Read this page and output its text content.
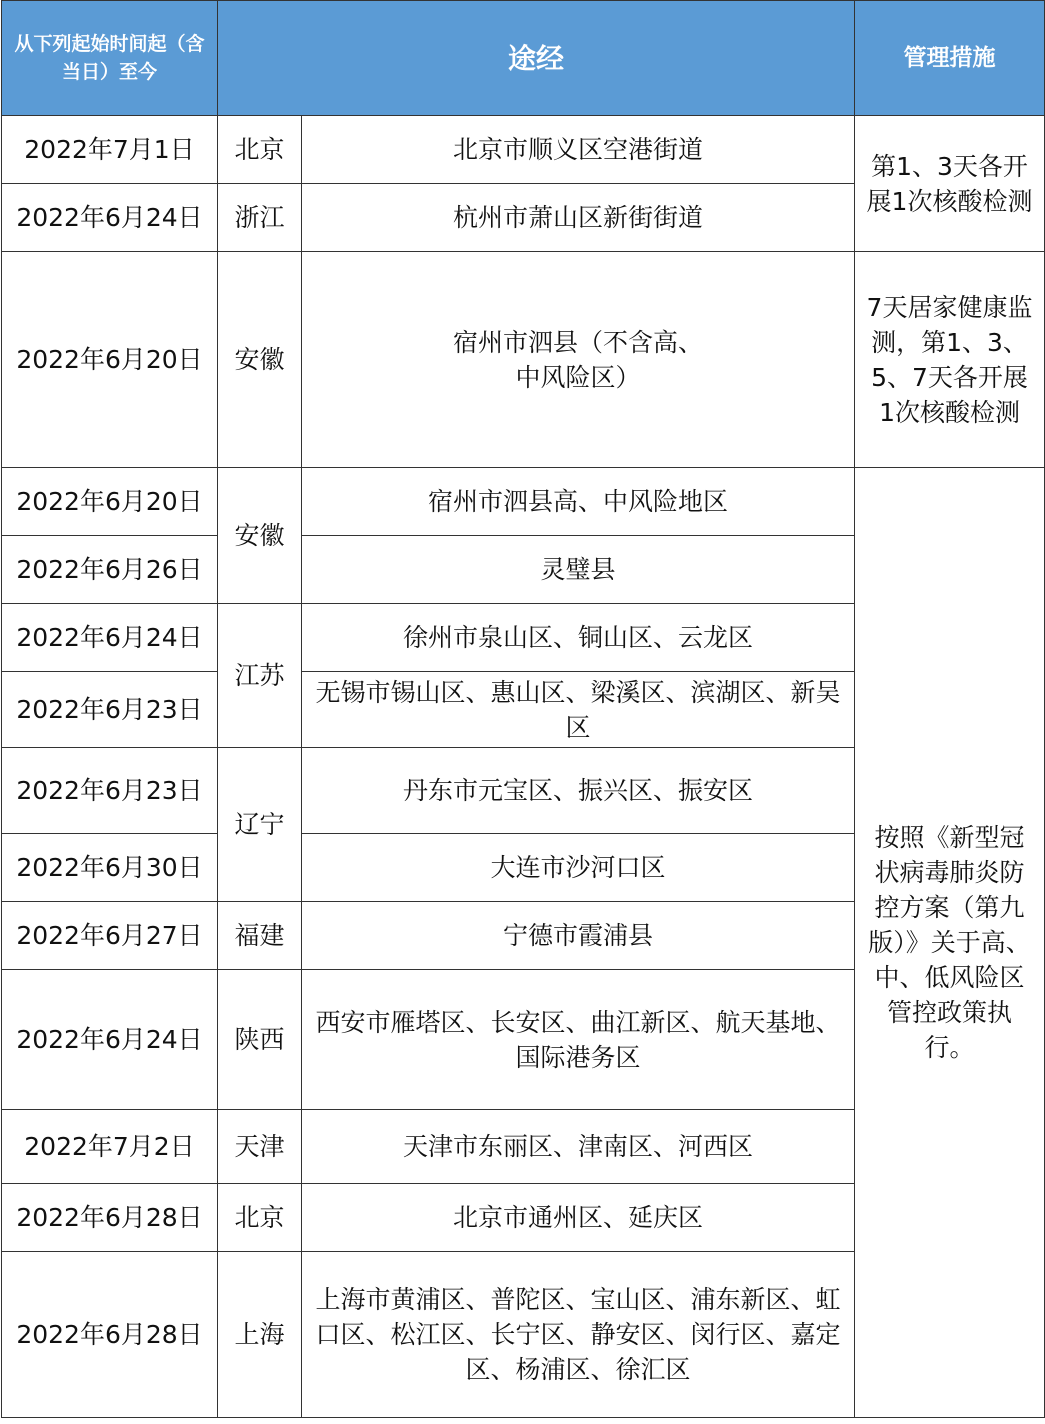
从下列起始时间起（含当日）至今	途经		管理措施
2022年7月1日	北京	北京市顺义区空港街道	第1、3天各开展1次核酸检测
2022年6月24日	浙江	杭州市萧山区新街街道	
2022年6月20日	安徽	宿州市泗县（不含高、中风险区）	7天居家健康监测，第1、3、5、7天各开展1次核酸检测
2022年6月20日	安徽	宿州市泗县高、中风险地区	按照《新型冠状病毒肺炎防控方案（第九版）》关于高、中、低风险区管控政策执行。
2022年6月26日		灵璧县	
2022年6月24日	江苏	徐州市泉山区、铜山区、云龙区	
2022年6月23日		无锡市锡山区、惠山区、梁溪区、滨湖区、新吴区	
2022年6月23日	辽宁	丹东市元宝区、振兴区、振安区	
2022年6月30日		大连市沙河口区	
2022年6月27日	福建	宁德市霞浦县	
2022年6月24日	陕西	西安市雁塔区、长安区、曲江新区、航天基地、国际港务区	
2022年7月2日	天津	天津市东丽区、津南区、河西区	
2022年6月28日	北京	北京市通州区、延庆区	
2022年6月28日	上海	上海市黄浦区、普陀区、宝山区、浦东新区、虹口区、松江区、长宁区、静安区、闵行区、嘉定区、杨浦区、徐汇区	
